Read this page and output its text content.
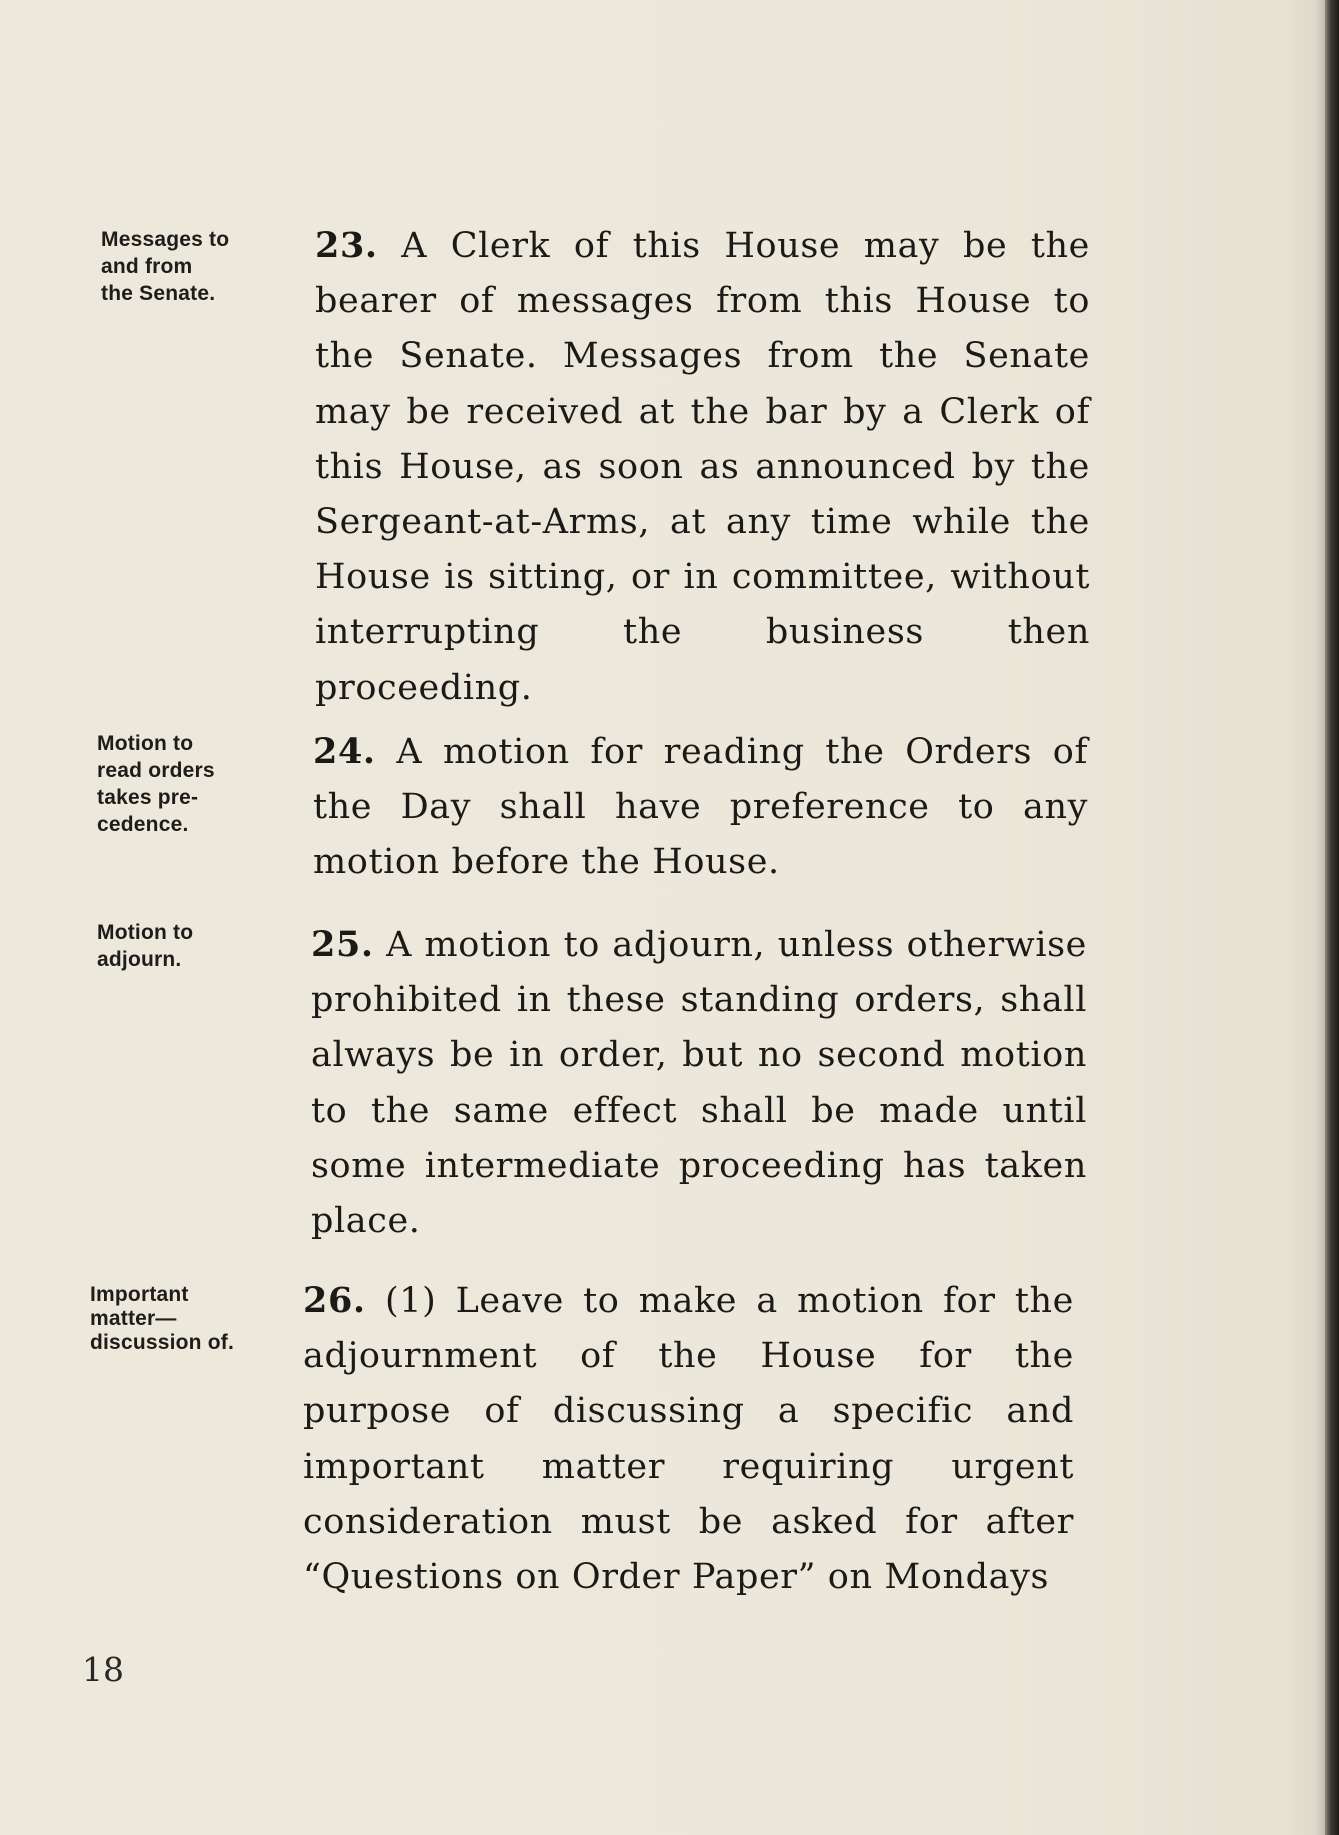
Messages to
and from
the Senate.
23. A Clerk of this House may be the bearer of messages from this House to the Senate. Messages from the Senate may be received at the bar by a Clerk of this House, as soon as announced by the Sergeant-at-Arms, at any time while the House is sitting, or in committee, without interrupting the business then proceeding.
Motion to
read orders
takes pre-
cedence.
24. A motion for reading the Orders of the Day shall have preference to any motion before the House.
Motion to
adjourn.	25. A motion to adjourn, unless otherwise prohibited in these standing orders, shall always be in order, but no second motion to the same effect shall be made until some intermediate proceeding has taken place.
Important
matter—
discussion of.
26. (1) Leave to make a motion for the adjournment of the House for the purpose of discussing a specific and important matter requiring urgent consideration must be asked for after “Questions on Order Paper” on Mondays
18
